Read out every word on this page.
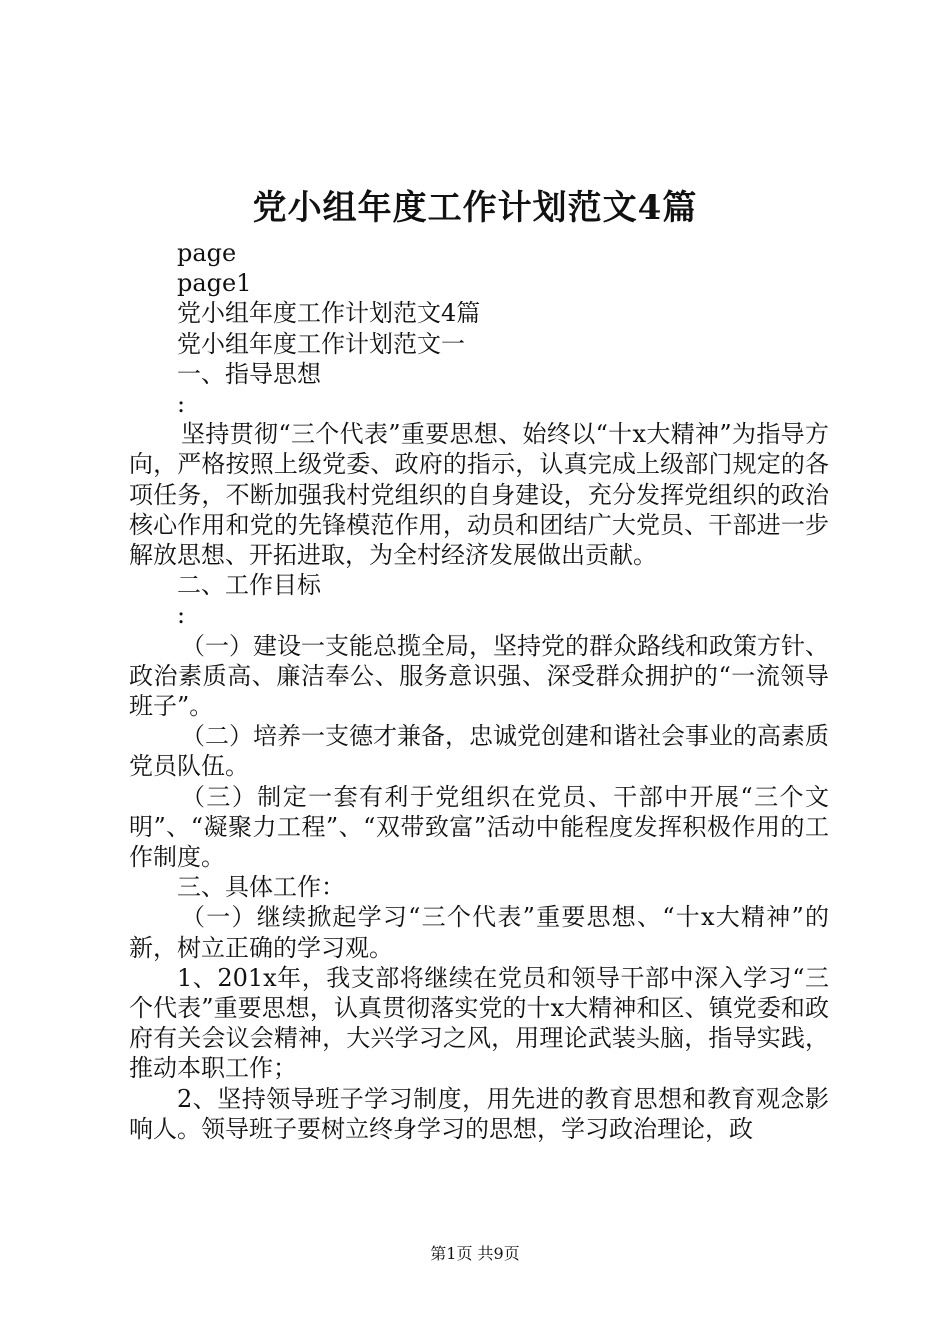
党小组年度工作计划范文4篇

page

page1

党小组年度工作计划范文4篇

党小组年度工作计划范文一

一、指导思想

:

坚持贯彻“三个代表”重要思想、始终以“十x大精神”为指导方向，严格按照上级党委、政府的指示，认真完成上级部门规定的各项任务，不断加强我村党组织的自身建设，充分发挥党组织的政治核心作用和党的先锋模范作用，动员和团结广大党员、干部进一步解放思想、开拓进取，为全村经济发展做出贡献。

二、工作目标

:

（一）建设一支能总揽全局，坚持党的群众路线和政策方针、政治素质高、廉洁奉公、服务意识强、深受群众拥护的“一流领导班子”。

（二）培养一支德才兼备，忠诚党创建和谐社会事业的高素质党员队伍。

（三）制定一套有利于党组织在党员、干部中开展“三个文明”、“凝聚力工程”、“双带致富”活动中能程度发挥积极作用的工作制度。

三、具体工作：

（一）继续掀起学习“三个代表”重要思想、“十x大精神”的新，树立正确的学习观。

1、201x年，我支部将继续在党员和领导干部中深入学习“三个代表”重要思想，认真贯彻落实党的十x大精神和区、镇党委和政府有关会议会精神，大兴学习之风，用理论武装头脑，指导实践，推动本职工作；

2、坚持领导班子学习制度，用先进的教育思想和教育观念影响人。领导班子要树立终身学习的思想，学习政治理论，政

第1页 共9页
